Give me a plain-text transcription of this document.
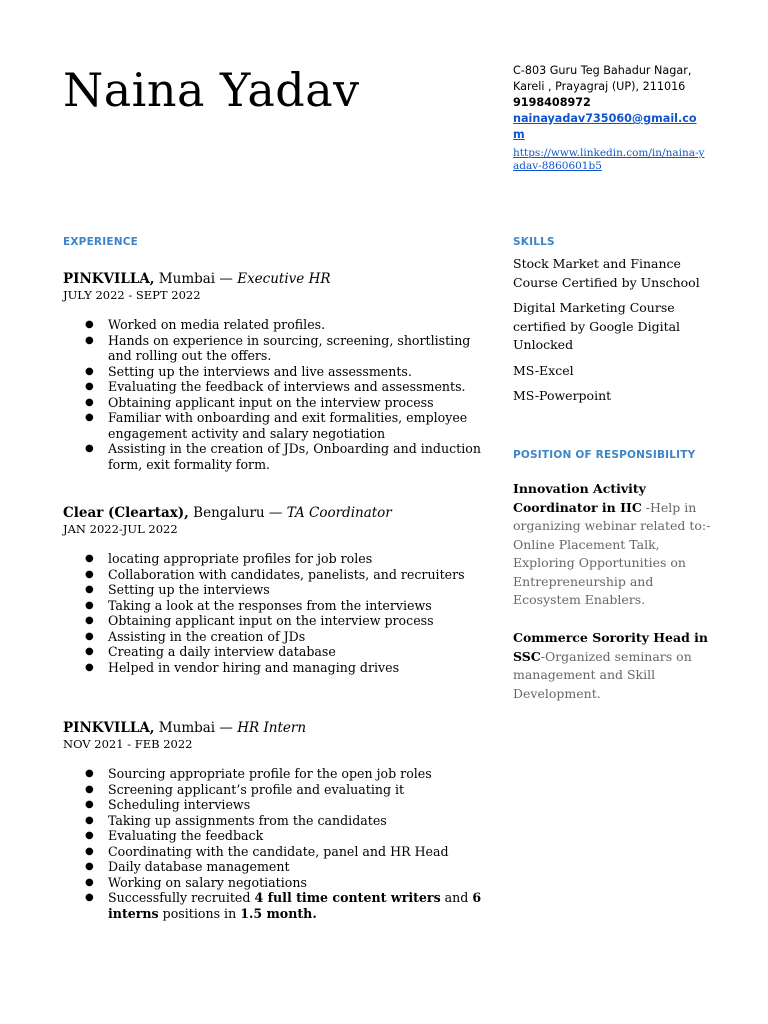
Naina Yadav	C-803 Guru Teg Bahadur Nagar,
Kareli , Prayagraj (UP), 211016
9198408972
nainayadav735060@gmail.com
https://www.linkedin.com/in/naina-yadav-8860601b5
EXPERIENCE
PINKVILLA, Mumbai — Executive HR
JULY 2022 - SEPT 2022
● Worked on media related profiles.
● Hands on experience in sourcing, screening, shortlisting and rolling out the offers.
● Setting up the interviews and live assessments.
● Evaluating the feedback of interviews and assessments.
● Obtaining applicant input on the interview process
● Familiar with onboarding and exit formalities, employee engagement activity and salary negotiation
● Assisting in the creation of JDs, Onboarding and induction form, exit formality form.
Clear (Cleartax), Bengaluru — TA Coordinator
JAN 2022-JUL 2022
● locating appropriate profiles for job roles
● Collaboration with candidates, panelists, and recruiters
● Setting up the interviews
● Taking a look at the responses from the interviews
● Obtaining applicant input on the interview process
● Assisting in the creation of JDs
● Creating a daily interview database
● Helped in vendor hiring and managing drives
PINKVILLA, Mumbai — HR Intern
NOV 2021 - FEB 2022
● Sourcing appropriate profile for the open job roles
● Screening applicant’s profile and evaluating it
● Scheduling interviews
● Taking up assignments from the candidates
● Evaluating the feedback
● Coordinating with the candidate, panel and HR Head
● Daily database management
● Working on salary negotiations
● Successfully recruited 4 full time content writers and 6 interns positions in 1.5 month.
SKILLS
Stock Market and Finance Course Certified by Unschool
Digital Marketing Course certified by Google Digital Unlocked
MS-Excel
MS-Powerpoint
POSITION OF RESPONSIBILITY
Innovation Activity Coordinator in IIC -Help in organizing webinar related to:-Online Placement Talk, Exploring Opportunities on Entrepreneurship and Ecosystem Enablers.
Commerce Sorority Head in SSC-Organized seminars on management and Skill Development.
